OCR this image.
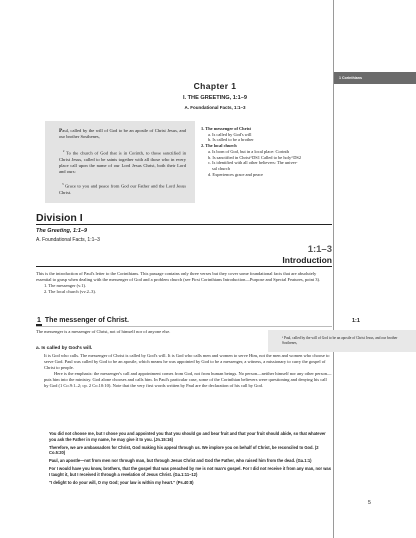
1 Corinthians
Chapter 1
I. THE GREETING, 1:1–9
A. Foundational Facts, 1:1–3

Paul, called by the will of God to be an apostle of Christ Jesus, and our brother Sosthenes,

$^2$ To the church of God that is in Corinth, to those sanctified in Christ Jesus, called to be saints together with all those who in every place call upon the name of our Lord Jesus Christ, both their Lord and ours:

$^3$ Grace to you and peace from God our Father and the Lord Jesus Christ.

1. The messenger of Christ
a. Is called by God's will
b. Is called to be a brother
2. The local church
a. Is born of God, but in a local place: Corinth
b. Is sanctified in Christ^DS1 Called to be holy^DS2
c. Is identified with all other believers: The univer-
sal church
d. Experiences grace and peace
Division I
The Greeting, 1:1–9
A. Foundational Facts, 1:1–3
1:1–3
Introduction

This is the introduction of Paul's letter to the Corinthians. This passage contains only three verses but they cover some foundational facts that are absolutely essential to grasp when dealing with the messenger of God and a problem church (see First Corinthians Introduction—Purpose and Special Features, point 3).

1. The messenger (v.1).

2. The local church (vv.2–3).

1 The messenger of Christ.	1:1
The messenger is a messenger of Christ, not of himself nor of anyone else.
¹ Paul, called by the will of God to be an apostle of Christ Jesus, and our brother Sosthenes,
a. Is called by God's will.

It is God who calls. The messenger of Christ is called by God's will. It is God who calls men and women to serve Him, not the men and women who choose to serve God. Paul was called by God to be an apostle, which means he was appointed by God to be a messenger, a witness, a missionary to carry the gospel of Christ to people.

Here is the emphasis: the messenger's call and appointment comes from God, not from human beings. No person—neither himself nor any other person—puts him into the ministry. God alone chooses and calls him. In Paul's particular case, some of the Corinthian believers were questioning and denying his call by God (1 Co.9:1–2; cp. 2 Co.10:10). Note that the very first words written by Paul are the declaration of his call by God.

You did not choose me, but I chose you and appointed you that you should go and bear fruit and that your fruit should abide, so that whatever you ask the Father in my name, he may give it to you. (Jn.15:16)

Therefore, we are ambassadors for Christ, God making his appeal through us. We implore you on behalf of Christ, be reconciled to God. (2 Co.5:20)

Paul, an apostle—not from men nor through man, but through Jesus Christ and God the Father, who raised him from the dead. (Ga.1:1)

For I would have you know, brothers, that the gospel that was preached by me is not man's gospel. For I did not receive it from any man, nor was I taught it, but I received it through a revelation of Jesus Christ. (Ga.1:11–12)

"I delight to do your will, O my God; your law is within my heart." (Ps.40:8)

5
